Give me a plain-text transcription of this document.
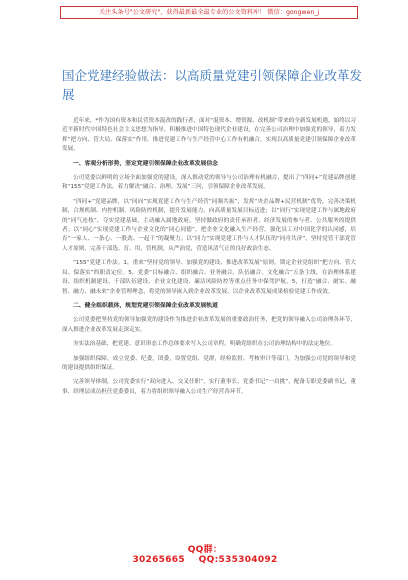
关注头条号"公文研究"，获得最新最全最专业的公文资料库！ 微信：gongwen_j
国企党建经验做法：以高质量党建引领保障企业改革发展

近年来，*作为国有资本和民营资本混改的践行者，面对“混资本、增资源、改机制”带来的全新发展机遇，始终以习近平新时代中国特色社会主义思想为指导，积极推进中国特色现代企业建设，在完善公司治理中加强党的领导，着力发挥“把方向、管大局、保落实”作用，推进党建工作与生产经营中心工作有机融合，实现以高质量党建引领保障企业改革发展。

一、客观分析形势，坚定党建引领保障企业改革发展信念

公司党委以鲜明的立场全面加强党的建设，深入推动党的领导与公司治理有机融合，提出了“四同+”党建品牌创建和“155”党建工作法，着力解决“融合、治理、发展”三问，引领保障企业改革发展。

“四同+”党建品牌，以“同向”实现党建工作与生产经营“同频共振”，发挥“央企品牌+民营机制”优势，完善决策机制、合规机制、内控机制、风险防控机制，提升发展能力。向高质量发展目标迈进；以“同行”实现党建工作与属地政府的“同气连枝”，夺实党建基础，主动融入属地政府，坚持做政府的责任承担者、经济发展的参与者、公共服务的提供者；以“同心”实现党建工作与企业文化的“同心同德”，把企业文化融入生产经营，强化员工对中国化学的认同感，培育“一家人、一条心、一股劲、一起干”的凝聚力；以“同力”实现党建工作与人才队伍的“同舟共济”，坚持党管干部党管人才原则，完善干部选、育、用、管机制，从严治党，营造风清气正的良好政治生态。

“155”党建工作法。1，重来“坚持党的领导、加强党的建设、推进改革发展”原则。锁定企业党组织“把方向、管大局、保落实”的职责定位。5，党委“目标融合、组织融合、业务融合、队伍融合、文化融合”五条主线，在治理体系建设、组织机制建设、干部队伍建设、企业文化建设、廉洁风险防控等重点任务中保驾护航。5，打造“融合、耐实、融智、融力、融未来”企业管理理念，将党的领导嵌入到企业改革发展，以企业改革发展成果检验党建工作成效。

二、健全组织载体，规划党建引领保障企业改革发展轨道

公司党委把坚持党的领导加强党的建设作为推进企业改革发展的重要政治任务，把党的领导融入公司治理各环节，深入推进企业改革发展走深走实。

夯实法治基础，把党建、意识形态工作总体要求写入公司章程，明确党组织在公司治理结构中的法定地位。

加强组织保障，成立党委、纪委，团委，设置党组、党群，经检监督、考核审计等部门，为加强公司党的领导和党的建设提供组织保证。

完善领导体制，公司党委实行“双向进入、交叉任职”，实行董事长、党委书记“一肩挑”，配备专职党委副书记，董事、经理层成员担任党委委员，着力将组织领导融入公司生产经营各环节。

QQ群：30265665 QQ:535304092
